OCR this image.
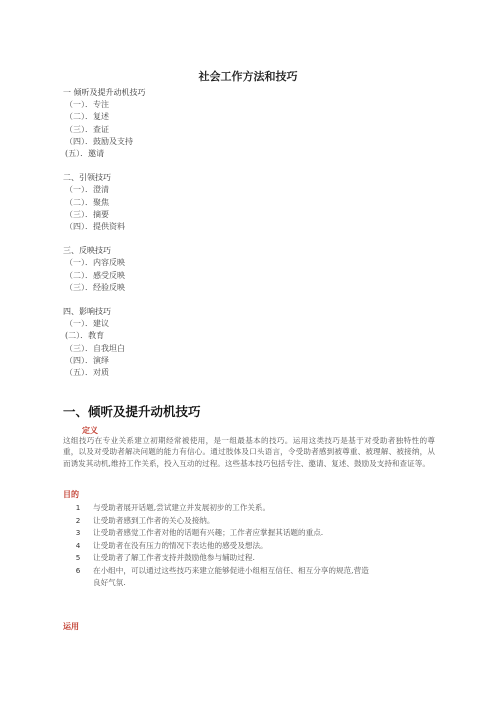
社会工作方法和技巧
一 倾听及提升动机技巧
（一）．专注
（二）．复述
（三）．查证
（四）．鼓励及支持
(五）．邀请
二、引领技巧
（一）．澄清
（二）．聚焦
（三）．摘要
（四）．提供资料
三、反映技巧
（一）．内容反映
（二）．感受反映
（三）．经验反映
四、影响技巧
（一）．建议
(二）．教育
（三）．自我坦白
（四）．演绎
（五）．对质
一、倾听及提升动机技巧
定义
这组技巧在专业关系建立初期经常被使用，是一组最基本的技巧。运用这类技巧是基于对受助者独特性的尊重，以及对受助者解决问题的能力有信心。通过肢体及口头语言，令受助者感到被尊重、被理解、被接纳，从而诱发其动机,维持工作关系，投入互动的过程。这些基本技巧包括专注、邀请、复述、鼓励及支持和查证等。
目的
1	与受助者展开话题,尝试建立并发展初步的工作关系。
2	让受助者感到工作者的关心及接纳。
3	让受助者感觉工作者对他的话题有兴趣；工作者应掌握其话题的重点.
4	让受助者在没有压力的情况下表达他的感受及想法。
5	让受助者了解工作者支持并鼓励他参与辅助过程.
6	在小组中，可以通过这些技巧来建立能够促进小组相互信任、相互分享的规范,营造
良好气氛.
运用
